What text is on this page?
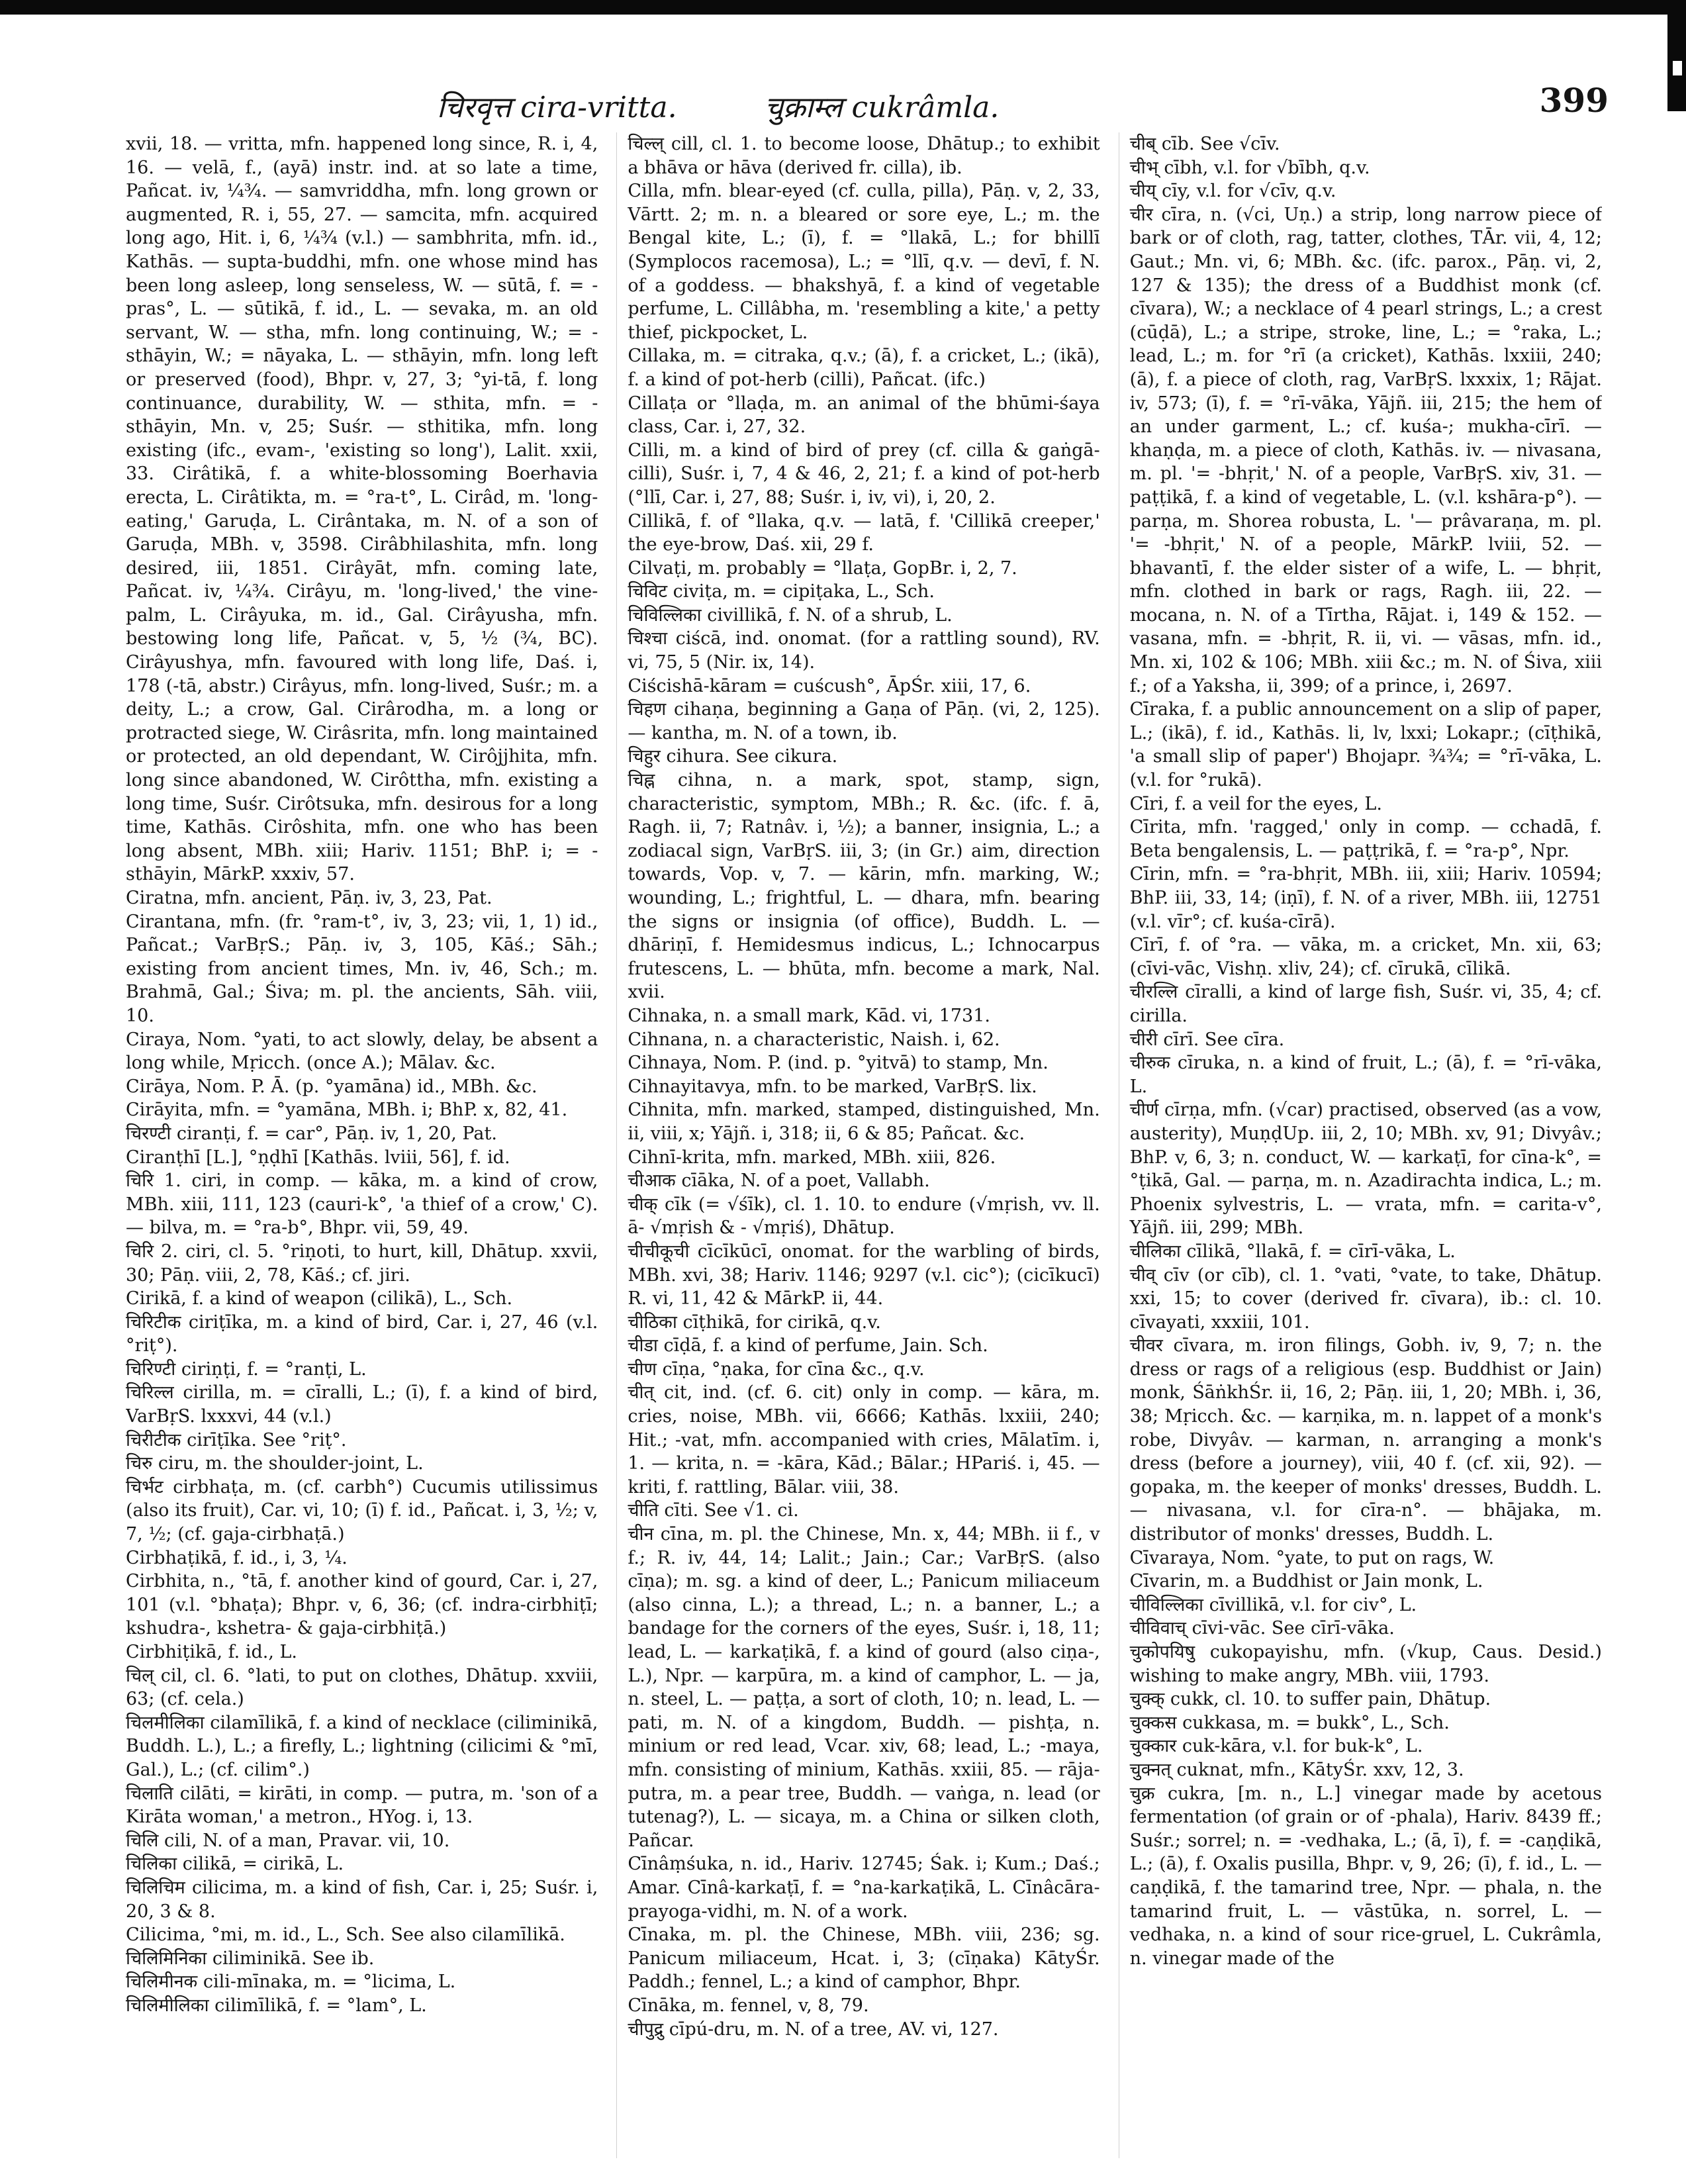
चिरवृत्त cira-vritta.	चुक्राम्ल cukrâmla.	399

xvii, 18. — vritta, mfn. happened long since, R. i, 4, 16. — velā, f., (ayā) instr. ind. at so late a time, Pañcat. iv, ¼¾. — samvriddha, mfn. long grown or augmented, R. i, 55, 27. — samcita, mfn. acquired long ago, Hit. i, 6, ¼¾ (v.l.) — sambhrita, mfn. id., Kathās. — supta-buddhi, mfn. one whose mind has been long asleep, long senseless, W. — sūtā, f. = -pras°, L. — sūtikā, f. id., L. — sevaka, m. an old servant, W. — stha, mfn. long continuing, W.; = -sthāyin, W.; = nāyaka, L. — sthāyin, mfn. long left or preserved (food), Bhpr. v, 27, 3; °yi-tā, f. long continuance, durability, W. — sthita, mfn. = -sthāyin, Mn. v, 25; Suśr. — sthitika, mfn. long existing (ifc., evam-, 'existing so long'), Lalit. xxii, 33. Cirâtikā, f. a white-blossoming Boerhavia erecta, L. Cirâtikta, m. = °ra-t°, L. Cirâd, m. 'long-eating,' Garuḍa, L. Cirântaka, m. N. of a son of Garuḍa, MBh. v, 3598. Cirâbhilashita, mfn. long desired, iii, 1851. Cirâyāt, mfn. coming late, Pañcat. iv, ¼¾. Cirâyu, m. 'long-lived,' the vine-palm, L. Cirâyuka, m. id., Gal. Cirâyusha, mfn. bestowing long life, Pañcat. v, 5, ½ (¾, BC). Cirâyushya, mfn. favoured with long life, Daś. i, 178 (-tā, abstr.) Cirâyus, mfn. long-lived, Suśr.; m. a deity, L.; a crow, Gal. Cirârodha, m. a long or protracted siege, W. Cirâsrita, mfn. long maintained or protected, an old dependant, W. Cirôjjhita, mfn. long since abandoned, W. Cirôttha, mfn. existing a long time, Suśr. Cirôtsuka, mfn. desirous for a long time, Kathās. Cirôshita, mfn. one who has been long absent, MBh. xiii; Hariv. 1151; BhP. i; = -sthāyin, MārkP. xxxiv, 57.

Ciratna, mfn. ancient, Pāṇ. iv, 3, 23, Pat.

Cirantana, mfn. (fr. °ram-t°, iv, 3, 23; vii, 1, 1) id., Pañcat.; VarBṛS.; Pāṇ. iv, 3, 105, Kāś.; Sāh.; existing from ancient times, Mn. iv, 46, Sch.; m. Brahmā, Gal.; Śiva; m. pl. the ancients, Sāh. viii, 10.

Ciraya, Nom. °yati, to act slowly, delay, be absent a long while, Mṛicch. (once A.); Mālav. &c.

Cirāya, Nom. P. Ā. (p. °yamāna) id., MBh. &c.

Cirāyita, mfn. = °yamāna, MBh. i; BhP. x, 82, 41.

चिरण्टी ciranṭi, f. = car°, Pāṇ. iv, 1, 20, Pat.

Ciranṭhī [L.], °ṇḍhī [Kathās. lviii, 56], f. id.

चिरि 1. ciri, in comp. — kāka, m. a kind of crow, MBh. xiii, 111, 123 (cauri-k°, 'a thief of a crow,' C). — bilva, m. = °ra-b°, Bhpr. vii, 59, 49.

चिरि 2. ciri, cl. 5. °riṇoti, to hurt, kill, Dhātup. xxvii, 30; Pāṇ. viii, 2, 78, Kāś.; cf. jiri.

Cirikā, f. a kind of weapon (cilikā), L., Sch.

चिरिटीक ciriṭīka, m. a kind of bird, Car. i, 27, 46 (v.l. °riṭ°).

चिरिण्टी ciriṇṭi, f. = °ranṭi, L.

चिरिल्ल cirilla, m. = cīralli, L.; (ī), f. a kind of bird, VarBṛS. lxxxvi, 44 (v.l.)

चिरीटीक cirīṭīka. See °riṭ°.

चिरु ciru, m. the shoulder-joint, L.

चिर्भट cirbhaṭa, m. (cf. carbh°) Cucumis utilissimus (also its fruit), Car. vi, 10; (ī) f. id., Pañcat. i, 3, ½; v, 7, ½; (cf. gaja-cirbhaṭā.)

Cirbhaṭikā, f. id., i, 3, ¼.

Cirbhita, n., °tā, f. another kind of gourd, Car. i, 27, 101 (v.l. °bhaṭa); Bhpr. v, 6, 36; (cf. indra-cirbhiṭī; kshudra-, kshetra- & gaja-cirbhiṭā.)

Cirbhiṭikā, f. id., L.

चिल् cil, cl. 6. °lati, to put on clothes, Dhātup. xxviii, 63; (cf. cela.)

चिलमीलिका cilamīlikā, f. a kind of necklace (ciliminikā, Buddh. L.), L.; a firefly, L.; lightning (cilicimi & °mī, Gal.), L.; (cf. cilim°.)

चिलाति cilāti, = kirāti, in comp. — putra, m. 'son of a Kirāta woman,' a metron., HYog. i, 13.

चिलि cili, N. of a man, Pravar. vii, 10.

चिलिका cilikā, = cirikā, L.

चिलिचिम cilicima, m. a kind of fish, Car. i, 25; Suśr. i, 20, 3 & 8.

Cilicima, °mi, m. id., L., Sch. See also cilamīlikā.

चिलिमिनिका ciliminikā. See ib.

चिलिमीनक cili-mīnaka, m. = °licima, L.

चिलिमीलिका cilimīlikā, f. = °lam°, L.

चिल्ल् cill, cl. 1. to become loose, Dhātup.; to exhibit a bhāva or hāva (derived fr. cilla), ib.

Cilla, mfn. blear-eyed (cf. culla, pilla), Pāṇ. v, 2, 33, Vārtt. 2; m. n. a bleared or sore eye, L.; m. the Bengal kite, L.; (ī), f. = °llakā, L.; for bhillī (Symplocos racemosa), L.; = °llī, q.v. — devī, f. N. of a goddess. — bhakshyā, f. a kind of vegetable perfume, L. Cillâbha, m. 'resembling a kite,' a petty thief, pickpocket, L.

Cillaka, m. = citraka, q.v.; (ā), f. a cricket, L.; (ikā), f. a kind of pot-herb (cilli), Pañcat. (ifc.)

Cillaṭa or °llaḍa, m. an animal of the bhūmi-śaya class, Car. i, 27, 32.

Cilli, m. a kind of bird of prey (cf. cilla & gaṅgā-cilli), Suśr. i, 7, 4 & 46, 2, 21; f. a kind of pot-herb (°llī, Car. i, 27, 88; Suśr. i, iv, vi), i, 20, 2.

Cillikā, f. of °llaka, q.v. — latā, f. 'Cillikā creeper,' the eye-brow, Daś. xii, 29 f.

Cilvaṭi, m. probably = °llaṭa, GopBr. i, 2, 7.

चिविट civiṭa, m. = cipiṭaka, L., Sch.

चिविल्लिका civillikā, f. N. of a shrub, L.

चिश्चा ciścā, ind. onomat. (for a rattling sound), RV. vi, 75, 5 (Nir. ix, 14).

Ciścishā-kāram = cuścush°, ĀpŚr. xiii, 17, 6.

चिहण cihaṇa, beginning a Gaṇa of Pāṇ. (vi, 2, 125). — kantha, m. N. of a town, ib.

चिहुर cihura. See cikura.

चिह्न cihna, n. a mark, spot, stamp, sign, characteristic, symptom, MBh.; R. &c. (ifc. f. ā, Ragh. ii, 7; Ratnâv. i, ½); a banner, insignia, L.; a zodiacal sign, VarBṛS. iii, 3; (in Gr.) aim, direction towards, Vop. v, 7. — kārin, mfn. marking, W.; wounding, L.; frightful, L. — dhara, mfn. bearing the signs or insignia (of office), Buddh. L. — dhāriṇī, f. Hemidesmus indicus, L.; Ichnocarpus frutescens, L. — bhūta, mfn. become a mark, Nal. xvii.

Cihnaka, n. a small mark, Kād. vi, 1731.

Cihnana, n. a characteristic, Naish. i, 62.

Cihnaya, Nom. P. (ind. p. °yitvā) to stamp, Mn.

Cihnayitavya, mfn. to be marked, VarBṛS. lix.

Cihnita, mfn. marked, stamped, distinguished, Mn. ii, viii, x; Yājñ. i, 318; ii, 6 & 85; Pañcat. &c.

Cihnī-krita, mfn. marked, MBh. xiii, 826.

चीआक cīāka, N. of a poet, Vallabh.

चीक् cīk (= √śīk), cl. 1. 10. to endure (√mṛish, vv. ll. ā- √mṛish & - √mṛiś), Dhātup.

चीचीकूची cīcīkūcī, onomat. for the warbling of birds, MBh. xvi, 38; Hariv. 1146; 9297 (v.l. cic°); (cicīkucī) R. vi, 11, 42 & MārkP. ii, 44.

चीठिका cīṭhikā, for cirikā, q.v.

चीडा cīḍā, f. a kind of perfume, Jain. Sch.

चीण cīṇa, °ṇaka, for cīna &c., q.v.

चीत् cit, ind. (cf. 6. cit) only in comp. — kāra, m. cries, noise, MBh. vii, 6666; Kathās. lxxiii, 240; Hit.; -vat, mfn. accompanied with cries, Mālatīm. i, 1. — krita, n. = -kāra, Kād.; Bālar.; HPariś. i, 45. — kriti, f. rattling, Bālar. viii, 38.

चीति cīti. See √1. ci.

चीन cīna, m. pl. the Chinese, Mn. x, 44; MBh. ii f., v f.; R. iv, 44, 14; Lalit.; Jain.; Car.; VarBṛS. (also cīṇa); m. sg. a kind of deer, L.; Panicum miliaceum (also cinna, L.); a thread, L.; n. a banner, L.; a bandage for the corners of the eyes, Suśr. i, 18, 11; lead, L. — karkaṭikā, f. a kind of gourd (also ciṇa-, L.), Npr. — karpūra, m. a kind of camphor, L. — ja, n. steel, L. — paṭṭa, a sort of cloth, 10; n. lead, L. — pati, m. N. of a kingdom, Buddh. — pishṭa, n. minium or red lead, Vcar. xiv, 68; lead, L.; -maya, mfn. consisting of minium, Kathās. xxiii, 85. — rāja-putra, m. a pear tree, Buddh. — vaṅga, n. lead (or tutenag?), L. — sicaya, m. a China or silken cloth, Pañcar.

Cīnâṃśuka, n. id., Hariv. 12745; Śak. i; Kum.; Daś.; Amar. Cīnâ-karkaṭī, f. = °na-karkaṭikā, L. Cīnâcāra-prayoga-vidhi, m. N. of a work.

Cīnaka, m. pl. the Chinese, MBh. viii, 236; sg. Panicum miliaceum, Hcat. i, 3; (cīṇaka) KātyŚr. Paddh.; fennel, L.; a kind of camphor, Bhpr.

Cīnāka, m. fennel, v, 8, 79.

चीपुद्रु cīpú-dru, m. N. of a tree, AV. vi, 127.

चीब् cīb. See √cīv.

चीभ् cībh, v.l. for √bībh, q.v.

चीय् cīy, v.l. for √cīv, q.v.

चीर cīra, n. (√ci, Uṇ.) a strip, long narrow piece of bark or of cloth, rag, tatter, clothes, TĀr. vii, 4, 12; Gaut.; Mn. vi, 6; MBh. &c. (ifc. parox., Pāṇ. vi, 2, 127 & 135); the dress of a Buddhist monk (cf. cīvara), W.; a necklace of 4 pearl strings, L.; a crest (cūḍā), L.; a stripe, stroke, line, L.; = °raka, L.; lead, L.; m. for °rī (a cricket), Kathās. lxxiii, 240; (ā), f. a piece of cloth, rag, VarBṛS. lxxxix, 1; Rājat. iv, 573; (ī), f. = °rī-vāka, Yājñ. iii, 215; the hem of an under garment, L.; cf. kuśa-; mukha-cīrī. — khaṇḍa, m. a piece of cloth, Kathās. iv. — nivasana, m. pl. '= -bhṛit,' N. of a people, VarBṛS. xiv, 31. — paṭṭikā, f. a kind of vegetable, L. (v.l. kshāra-p°). — parṇa, m. Shorea robusta, L. '— prâvaraṇa, m. pl. '= -bhṛit,' N. of a people, MārkP. lviii, 52. — bhavantī, f. the elder sister of a wife, L. — bhṛit, mfn. clothed in bark or rags, Ragh. iii, 22. — mocana, n. N. of a Tīrtha, Rājat. i, 149 & 152. — vasana, mfn. = -bhṛit, R. ii, vi. — vāsas, mfn. id., Mn. xi, 102 & 106; MBh. xiii &c.; m. N. of Śiva, xiii f.; of a Yaksha, ii, 399; of a prince, i, 2697.

Cīraka, f. a public announcement on a slip of paper, L.; (ikā), f. id., Kathās. li, lv, lxxi; Lokapr.; (cīṭhikā, 'a small slip of paper') Bhojapr. ¾¾; = °rī-vāka, L. (v.l. for °rukā).

Cīri, f. a veil for the eyes, L.

Cīrita, mfn. 'ragged,' only in comp. — cchadā, f. Beta bengalensis, L. — paṭṭrikā, f. = °ra-p°, Npr.

Cīrin, mfn. = °ra-bhṛit, MBh. iii, xiii; Hariv. 10594; BhP. iii, 33, 14; (iṇī), f. N. of a river, MBh. iii, 12751 (v.l. vīr°; cf. kuśa-cīrā).

Cīrī, f. of °ra. — vāka, m. a cricket, Mn. xii, 63; (cīvi-vāc, Vishṇ. xliv, 24); cf. cīrukā, cīlikā.

चीरल्लि cīralli, a kind of large fish, Suśr. vi, 35, 4; cf. cirilla.

चीरी cīrī. See cīra.

चीरुक cīruka, n. a kind of fruit, L.; (ā), f. = °rī-vāka, L.

चीर्ण cīrṇa, mfn. (√car) practised, observed (as a vow, austerity), MuṇḍUp. iii, 2, 10; MBh. xv, 91; Divyâv.; BhP. v, 6, 3; n. conduct, W. — karkaṭī, for cīna-k°, = °ṭikā, Gal. — parṇa, m. n. Azadirachta indica, L.; m. Phoenix sylvestris, L. — vrata, mfn. = carita-v°, Yājñ. iii, 299; MBh.

चीलिका cīlikā, °llakā, f. = cīrī-vāka, L.

चीव् cīv (or cīb), cl. 1. °vati, °vate, to take, Dhātup. xxi, 15; to cover (derived fr. cīvara), ib.: cl. 10. cīvayati, xxxiii, 101.

चीवर cīvara, m. iron filings, Gobh. iv, 9, 7; n. the dress or rags of a religious (esp. Buddhist or Jain) monk, ŚāṅkhŚr. ii, 16, 2; Pāṇ. iii, 1, 20; MBh. i, 36, 38; Mṛicch. &c. — karṇika, m. n. lappet of a monk's robe, Divyâv. — karman, n. arranging a monk's dress (before a journey), viii, 40 f. (cf. xii, 92). — gopaka, m. the keeper of monks' dresses, Buddh. L. — nivasana, v.l. for cīra-n°. — bhājaka, m. distributor of monks' dresses, Buddh. L.

Cīvaraya, Nom. °yate, to put on rags, W.

Cīvarin, m. a Buddhist or Jain monk, L.

चीविल्लिका cīvillikā, v.l. for civ°, L.

चीविवाच् cīvi-vāc. See cīrī-vāka.

चुकोपयिषु cukopayishu, mfn. (√kup, Caus. Desid.) wishing to make angry, MBh. viii, 1793.

चुक्क् cukk, cl. 10. to suffer pain, Dhātup.

चुक्कस cukkasa, m. = bukk°, L., Sch.

चुक्कार cuk-kāra, v.l. for buk-k°, L.

चुक्नत् cuknat, mfn., KātyŚr. xxv, 12, 3.

चुक्र cukra, [m. n., L.] vinegar made by acetous fermentation (of grain or of -phala), Hariv. 8439 ff.; Suśr.; sorrel; n. = -vedhaka, L.; (ā, ī), f. = -caṇḍikā, L.; (ā), f. Oxalis pusilla, Bhpr. v, 9, 26; (ī), f. id., L. — caṇḍikā, f. the tamarind tree, Npr. — phala, n. the tamarind fruit, L. — vāstūka, n. sorrel, L. — vedhaka, n. a kind of sour rice-gruel, L. Cukrâmla, n. vinegar made of the
